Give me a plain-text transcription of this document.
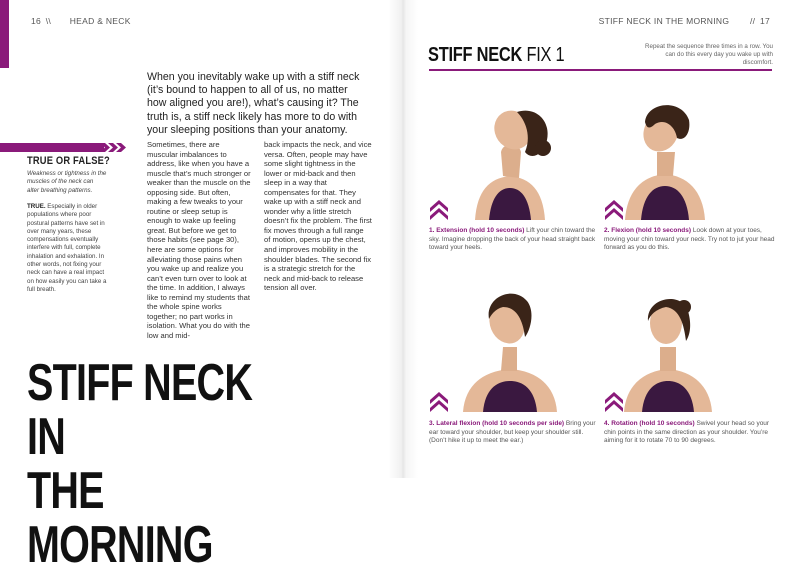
16 \\ HEAD & NECK

When you inevitably wake up with a stiff neck (it’s bound to happen to all of us, no matter how aligned you are!), what’s causing it? The truth is, a stiff neck likely has more to do with your sleeping positions than your anatomy.

TRUE OR FALSE?

Weakness or tightness in the muscles of the neck can alter breathing patterns.

TRUE. Especially in older populations where poor postural patterns have set in over many years, these compensations eventually interfere with full, complete inhalation and exhalation. In other words, not fixing your neck can have a real impact on how easily you can take a full breath.

Sometimes, there are muscular imbalances to address, like when you have a muscle that’s much stronger or weaker than the muscle on the opposing side. But often, making a few tweaks to your routine or sleep setup is enough to wake up feeling great. But before we get to those habits (see page 30), here are some options for alleviating those pains when you wake up and realize you can’t even turn over to look at the time. In addition, I always like to remind my students that the whole spine works together; no part works in isolation. What you do with the low and mid-

back impacts the neck, and vice versa. Often, people may have some slight tightness in the lower or mid-back and then sleep in a way that compensates for that. They wake up with a stiff neck and wonder why a little stretch doesn’t fix the problem. The first fix moves through a full range of motion, opens up the chest, and improves mobility in the shoulder blades. The second fix is a strategic stretch for the neck and mid-back to release tension all over.

STIFF NECK IN
THE MORNING
STIFF NECK IN THE MORNING // 17
STIFF NECK FIX 1	Repeat the sequence three times in a row. You can do this every day you wake up with discomfort.

1. Extension (hold 10 seconds) Lift your chin toward the sky. Imagine dropping the back of your head straight back toward your heels.

2. Flexion (hold 10 seconds) Look down at your toes, moving your chin toward your neck. Try not to jut your head forward as you do this.

3. Lateral flexion (hold 10 seconds per side) Bring your ear toward your shoulder, but keep your shoulder still. (Don’t hike it up to meet the ear.)

4. Rotation (hold 10 seconds) Swivel your head so your chin points in the same direction as your shoulder. You’re aiming for it to rotate 70 to 90 degrees.
